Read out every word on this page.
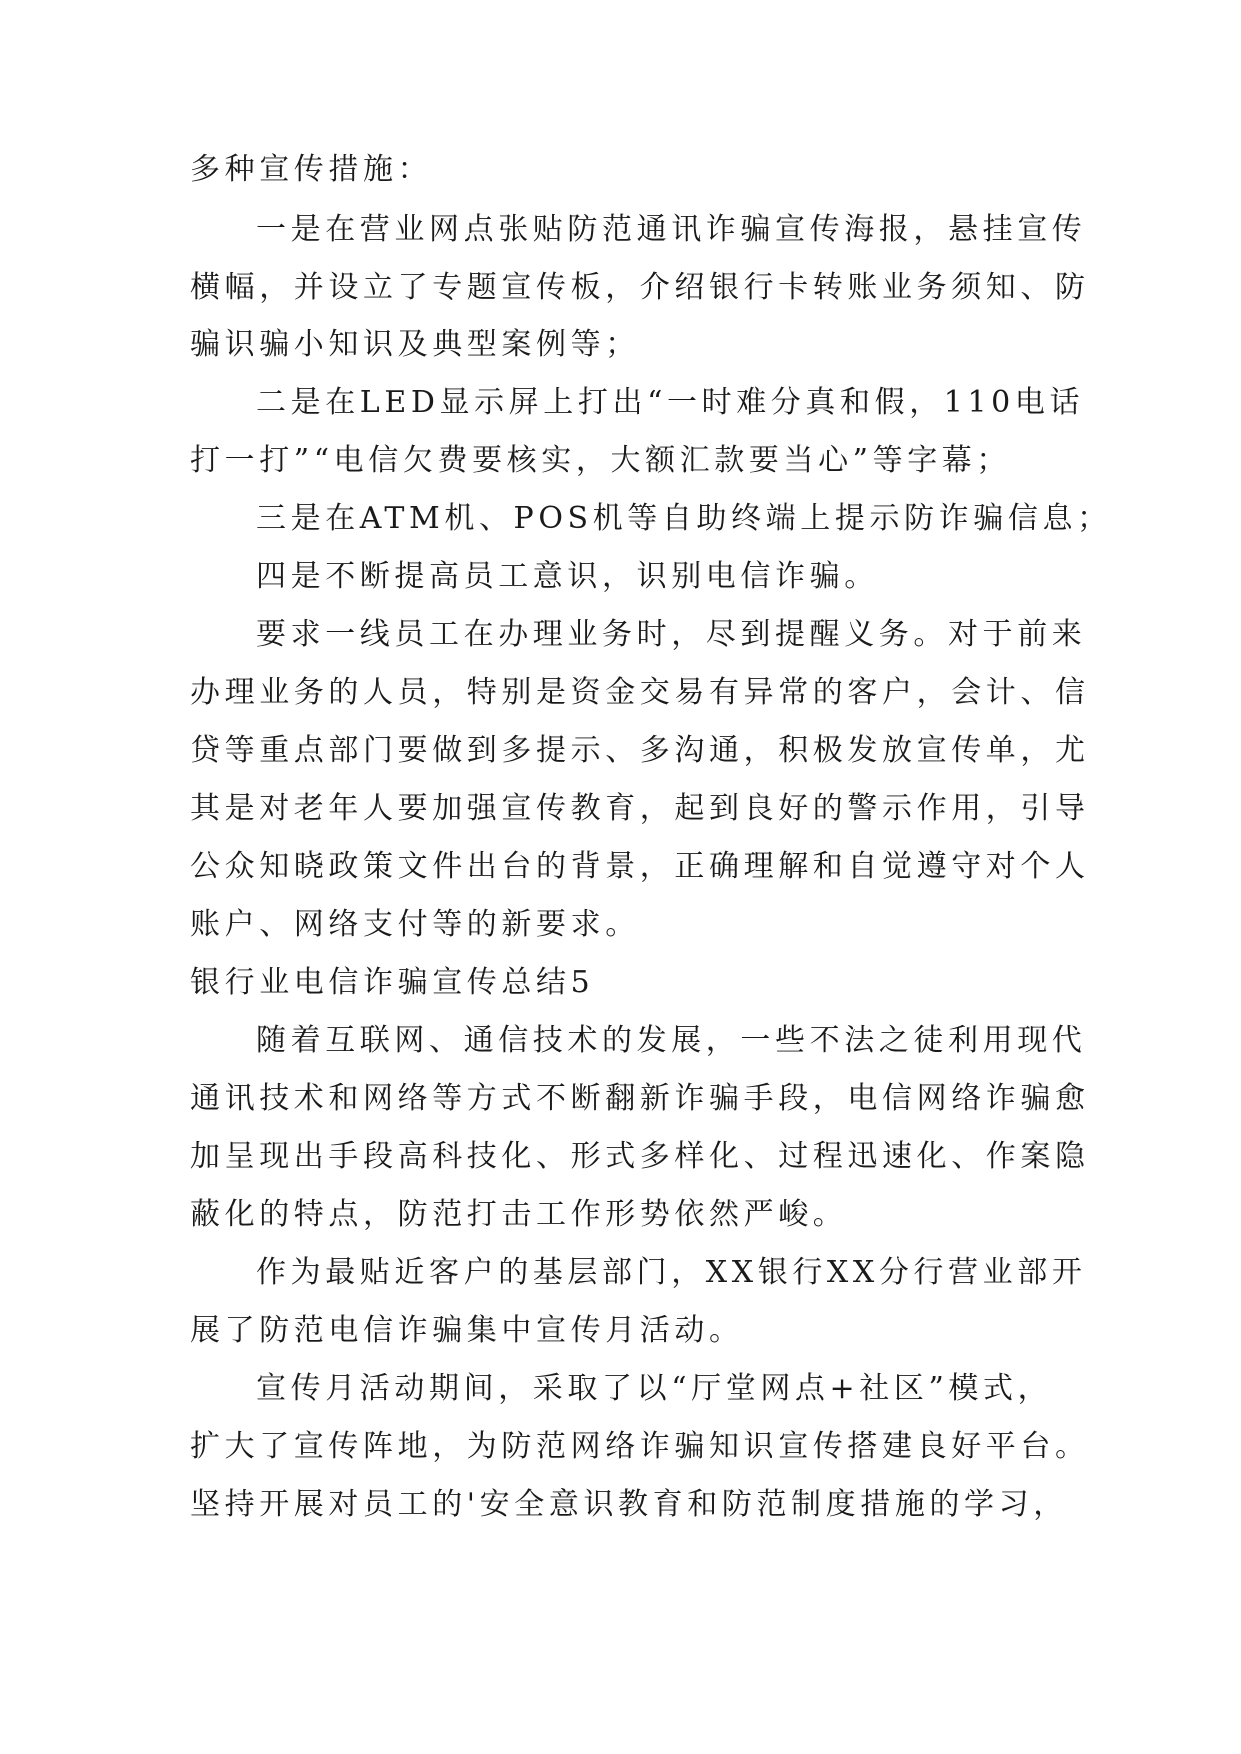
多种宣传措施：
一是在营业网点张贴防范通讯诈骗宣传海报，悬挂宣传
横幅，并设立了专题宣传板，介绍银行卡转账业务须知、防
骗识骗小知识及典型案例等；
二是在LED显示屏上打出“一时难分真和假，110电话
打一打”“电信欠费要核实，大额汇款要当心”等字幕；
三是在ATM机、POS机等自助终端上提示防诈骗信息；
四是不断提高员工意识，识别电信诈骗。
要求一线员工在办理业务时，尽到提醒义务。对于前来
办理业务的人员，特别是资金交易有异常的客户，会计、信
贷等重点部门要做到多提示、多沟通，积极发放宣传单，尤
其是对老年人要加强宣传教育，起到良好的警示作用，引导
公众知晓政策文件出台的背景，正确理解和自觉遵守对个人
账户、网络支付等的新要求。
银行业电信诈骗宣传总结5
随着互联网、通信技术的发展，一些不法之徒利用现代
通讯技术和网络等方式不断翻新诈骗手段，电信网络诈骗愈
加呈现出手段高科技化、形式多样化、过程迅速化、作案隐
蔽化的特点，防范打击工作形势依然严峻。
作为最贴近客户的基层部门，XX银行XX分行营业部开
展了防范电信诈骗集中宣传月活动。
宣传月活动期间，采取了以“厅堂网点+社区”模式，
扩大了宣传阵地，为防范网络诈骗知识宣传搭建良好平台。
坚持开展对员工的'安全意识教育和防范制度措施的学习，
